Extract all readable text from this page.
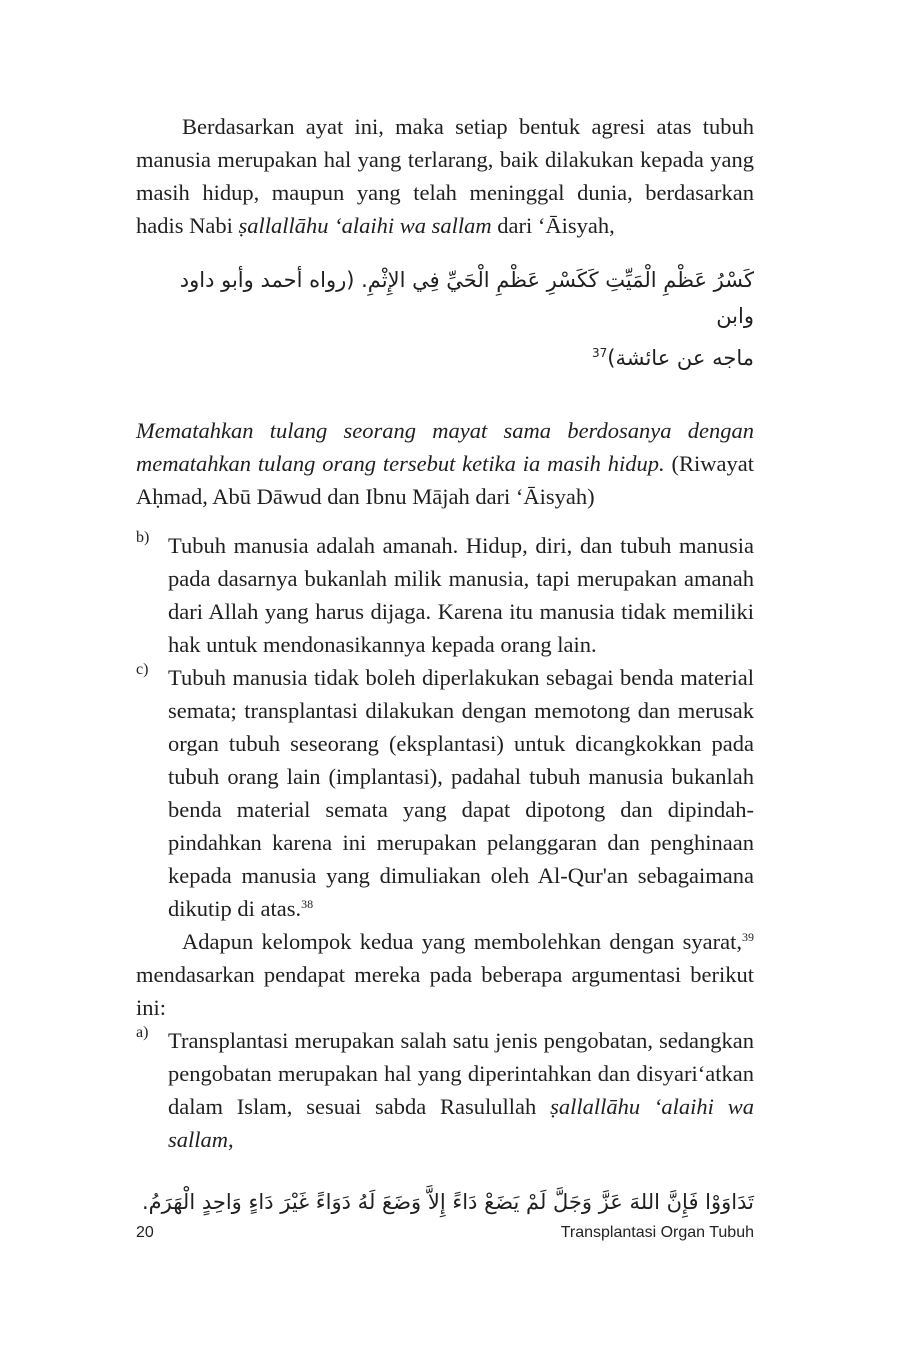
Berdasarkan ayat ini, maka setiap bentuk agresi atas tubuh manusia merupakan hal yang terlarang, baik dilakukan kepada yang masih hidup, maupun yang telah meninggal dunia, berdasarkan hadis Nabi ṣallallāhu ‘alaihi wa sallam dari ‘Āisyah,

كَسْرُ عَظْمِ الْمَيِّتِ كَكَسْرِ عَظْمِ الْحَيِّ فِي الإِثْمِ. (رواه أحمد وأبو داود وابن

ماجه عن عائشة)$^{37}$

Mematahkan tulang seorang mayat sama berdosanya dengan mematahkan tulang orang tersebut ketika ia masih hidup. (Riwayat Aḥmad, Abū Dāwud dan Ibnu Mājah dari ‘Āisyah)

b) Tubuh manusia adalah amanah. Hidup, diri, dan tubuh manusia pada dasarnya bukanlah milik manusia, tapi merupakan amanah dari Allah yang harus dijaga. Karena itu manusia tidak memiliki hak untuk mendonasikannya kepada orang lain.

c) Tubuh manusia tidak boleh diperlakukan sebagai benda material semata; transplantasi dilakukan dengan memotong dan merusak organ tubuh seseorang (eksplantasi) untuk dicangkokkan pada tubuh orang lain (implantasi), padahal tubuh manusia bukanlah benda material semata yang dapat dipotong dan dipindah-pindahkan karena ini merupakan pelanggaran dan penghinaan kepada manusia yang dimuliakan oleh Al-Qur'an sebagaimana dikutip di atas.$^{38}$

Adapun kelompok kedua yang membolehkan dengan syarat,$^{39}$ mendasarkan pendapat mereka pada beberapa argumentasi berikut ini:

a) Transplantasi merupakan salah satu jenis pengobatan, sedangkan pengobatan merupakan hal yang diperintahkan dan disyari‘atkan dalam Islam, sesuai sabda Rasulullah ṣallallāhu ‘alaihi wa sallam,

تَدَاوَوْا فَإِنَّ اللهَ عَزَّ وَجَلَّ لَمْ يَضَعْ دَاءً إِلاَّ وَضَعَ لَهُ دَوَاءً غَيْرَ دَاءٍ وَاحِدٍ الْهَرَمُ.

20	Transplantasi Organ Tubuh
